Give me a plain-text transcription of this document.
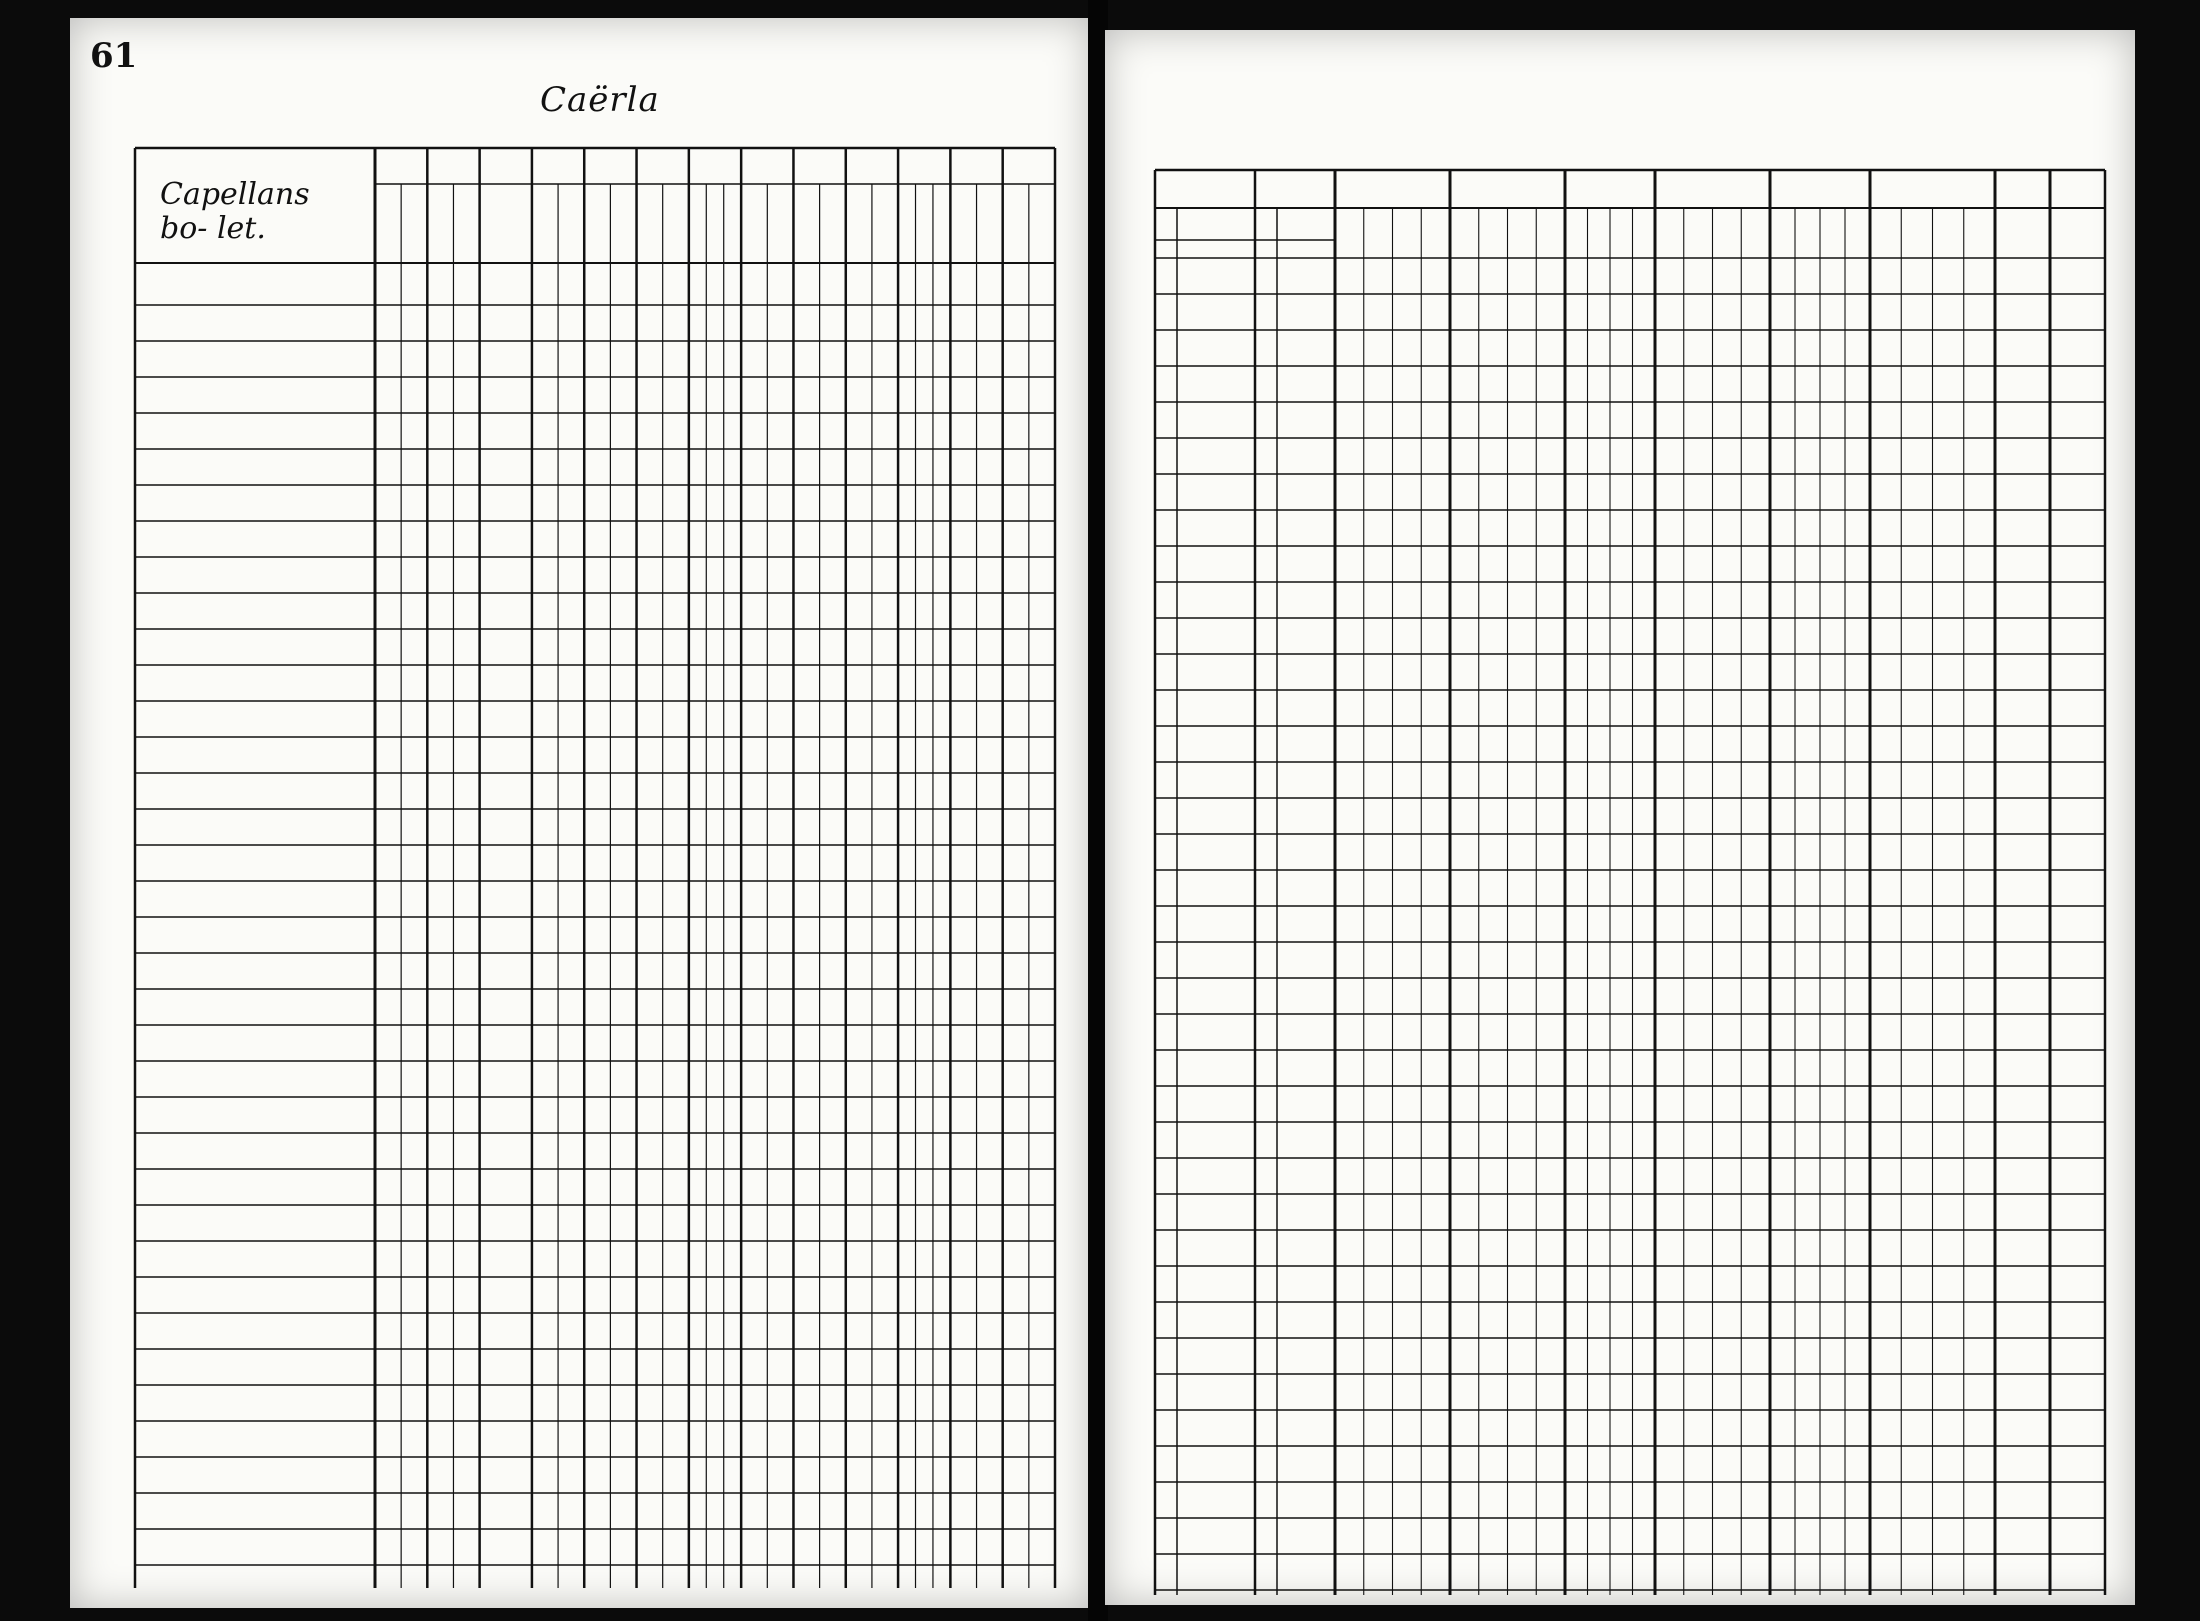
61
Caërla
Capellans bo- let.
